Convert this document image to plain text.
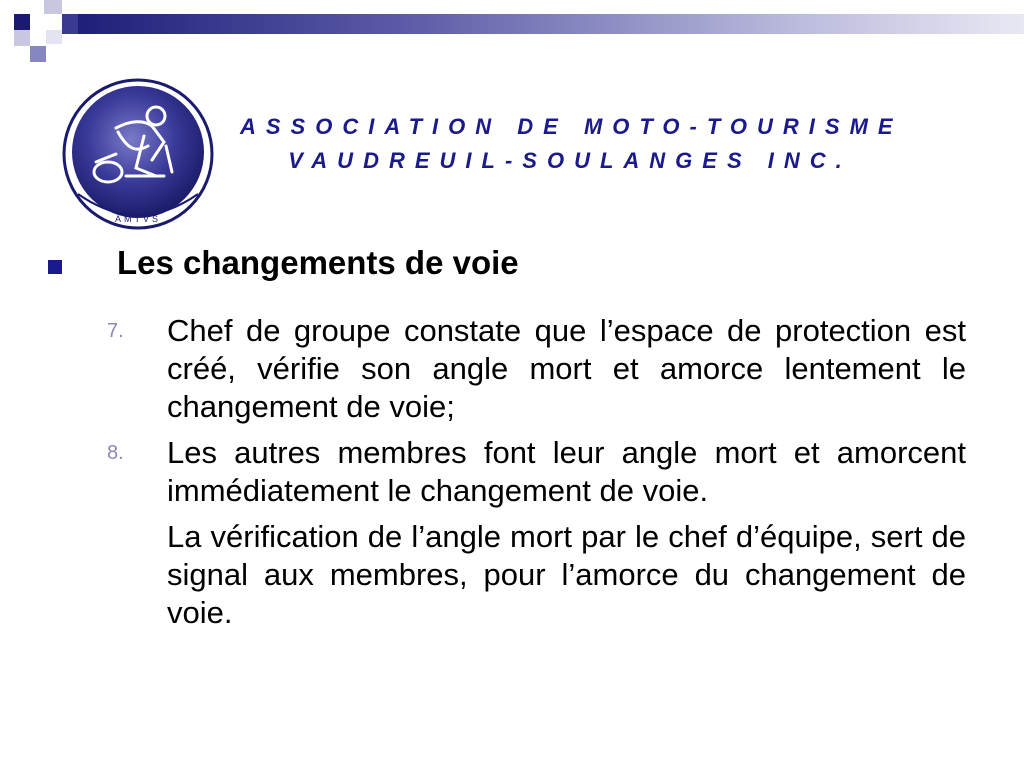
AMTVS
ASSOCIATION DE MOTO-TOURISME
VAUDREUIL-SOULANGES INC.
Les changements de voie
7. Chef de groupe constate que l’espace de protection est créé, vérifie son angle mort et amorce lentement le changement de voie;
8. Les autres membres font leur angle mort et amorcent immédiatement le changement de voie.
La vérification de l’angle mort par le chef d’équipe, sert de signal aux membres, pour l’amorce du changement de voie.
